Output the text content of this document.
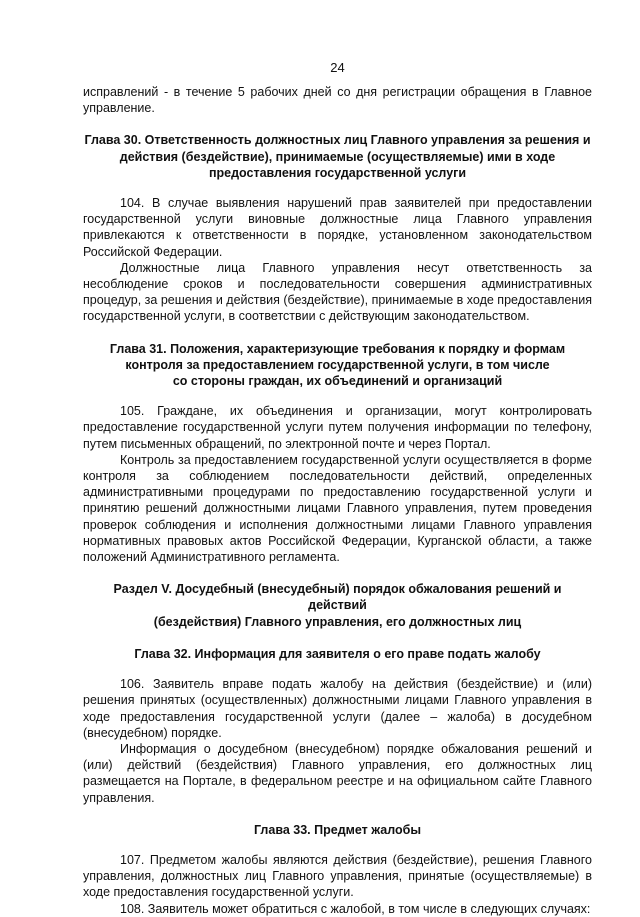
24

исправлений - в течение 5 рабочих дней со дня регистрации обращения в Главное управление.

Глава 30. Ответственность должностных лиц Главного управления за решения и
действия (бездействие), принимаемые (осуществляемые) ими в ходе
предоставления государственной услуги

104. В случае выявления нарушений прав заявителей при предоставлении государственной услуги виновные должностные лица Главного управления привлекаются к ответственности в порядке, установленном законодательством Российской Федерации.

Должностные лица Главного управления несут ответственность за несоблюдение сроков и последовательности совершения административных процедур, за решения и действия (бездействие), принимаемые в ходе предоставления государственной услуги, в соответствии с действующим законодательством.

Глава 31. Положения, характеризующие требования к порядку и формам
контроля за предоставлением государственной услуги, в том числе
со стороны граждан, их объединений и организаций

105. Граждане, их объединения и организации, могут контролировать предоставление государственной услуги путем получения информации по телефону, путем письменных обращений, по электронной почте и через Портал.

Контроль за предоставлением государственной услуги осуществляется в форме контроля за соблюдением последовательности действий, определенных административными процедурами по предоставлению государственной услуги и принятию решений должностными лицами Главного управления, путем проведения проверок соблюдения и исполнения должностными лицами Главного управления нормативных правовых актов Российской Федерации, Курганской области, а также положений Административного регламента.

Раздел V. Досудебный (внесудебный) порядок обжалования решений и действий
(бездействия) Главного управления, его должностных лиц
Глава 32. Информация для заявителя о его праве подать жалобу

106. Заявитель вправе подать жалобу на действия (бездействие) и (или) решения принятых (осуществленных) должностными лицами Главного управления в ходе предоставления государственной услуги (далее – жалоба) в досудебном (внесудебном) порядке.

Информация о досудебном (внесудебном) порядке обжалования решений и (или) действий (бездействия) Главного управления, его должностных лиц размещается на Портале, в федеральном реестре и на официальном сайте Главного управления.

Глава 33. Предмет жалобы

107. Предметом жалобы являются действия (бездействие), решения Главного управления, должностных лиц Главного управления, принятые (осуществляемые) в ходе предоставления государственной услуги.

108. Заявитель может обратиться с жалобой, в том числе в следующих случаях:
